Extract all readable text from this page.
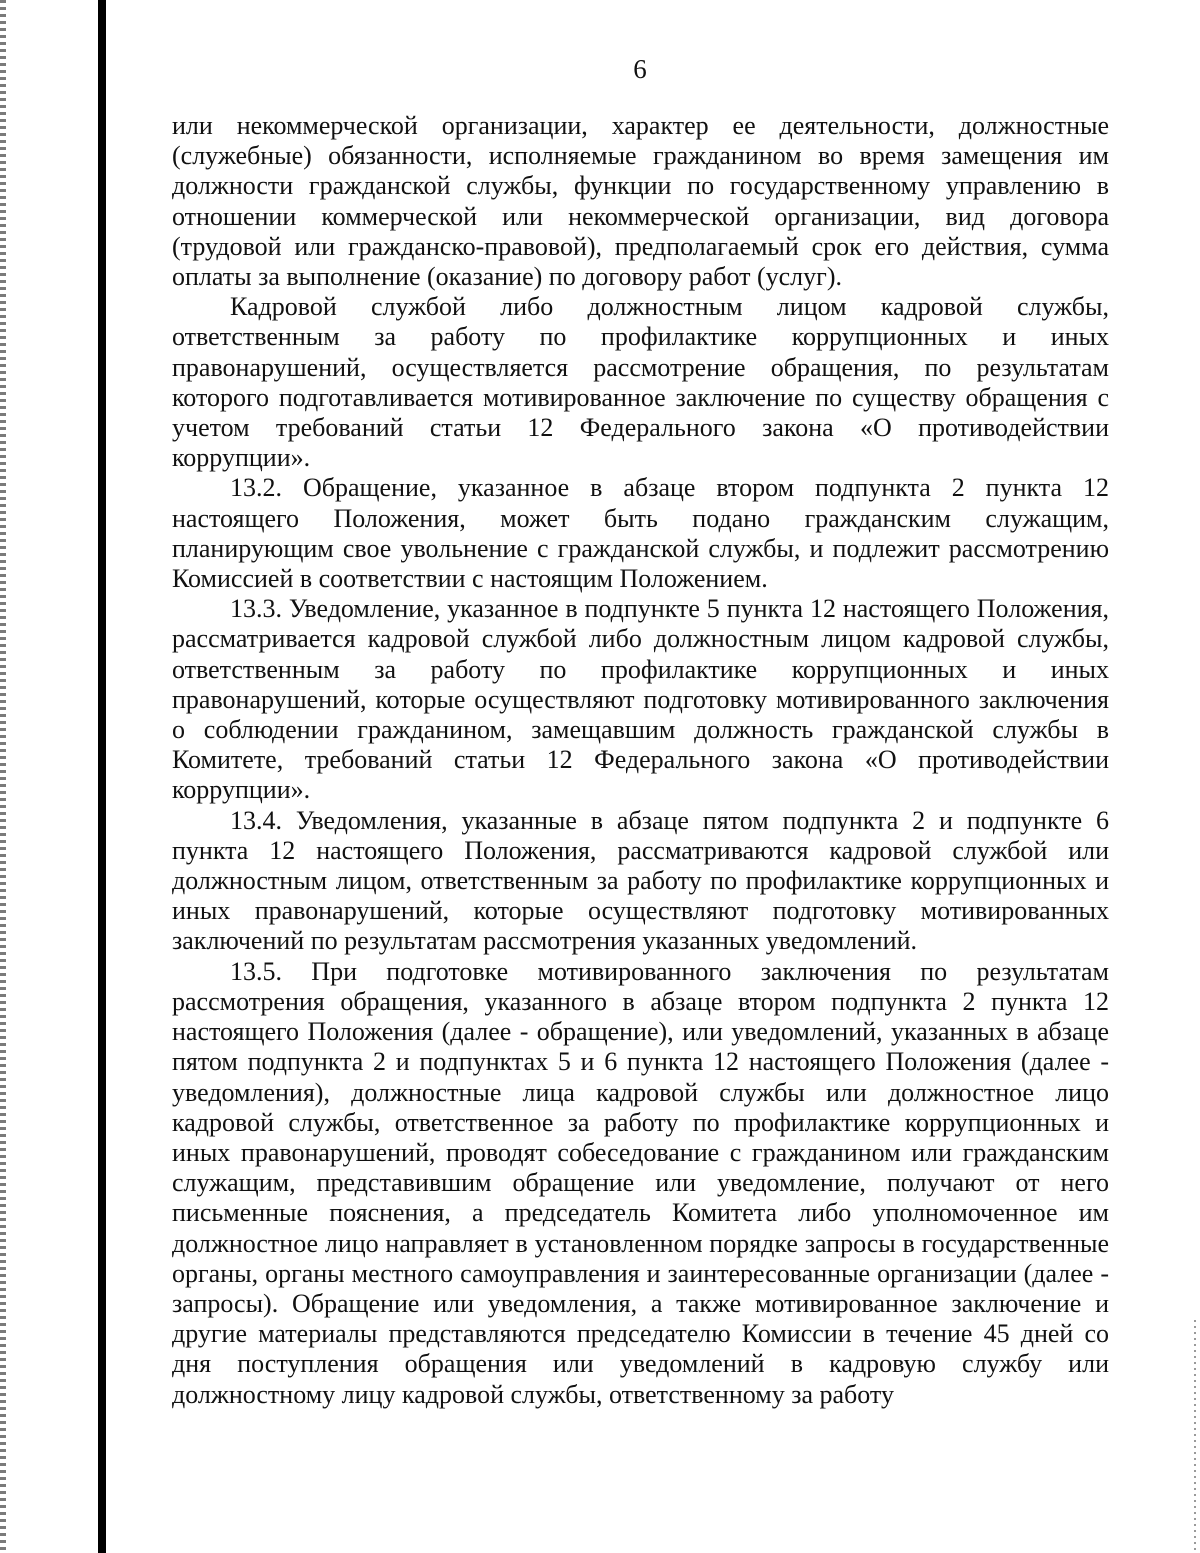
6

или некоммерческой организации, характер ее деятельности, должностные (служебные) обязанности, исполняемые гражданином во время замещения им должности гражданской службы, функции по государственному управлению в отношении коммерческой или некоммерческой организации, вид договора (трудовой или гражданско-правовой), предполагаемый срок его действия, сумма оплаты за выполнение (оказание) по договору работ (услуг).

Кадровой службой либо должностным лицом кадровой службы, ответственным за работу по профилактике коррупционных и иных правонарушений, осуществляется рассмотрение обращения, по результатам которого подготавливается мотивированное заключение по существу обращения с учетом требований статьи 12 Федерального закона «О противодействии коррупции».

13.2. Обращение, указанное в абзаце втором подпункта 2 пункта 12 настоящего Положения, может быть подано гражданским служащим, планирующим свое увольнение с гражданской службы, и подлежит рассмотрению Комиссией в соответствии с настоящим Положением.

13.3. Уведомление, указанное в подпункте 5 пункта 12 настоящего Положения, рассматривается кадровой службой либо должностным лицом кадровой службы, ответственным за работу по профилактике коррупционных и иных правонарушений, которые осуществляют подготовку мотивированного заключения о соблюдении гражданином, замещавшим должность гражданской службы в Комитете, требований статьи 12 Федерального закона «О противодействии коррупции».

13.4. Уведомления, указанные в абзаце пятом подпункта 2 и подпункте 6 пункта 12 настоящего Положения, рассматриваются кадровой службой или должностным лицом, ответственным за работу по профилактике коррупционных и иных правонарушений, которые осуществляют подготовку мотивированных заключений по результатам рассмотрения указанных уведомлений.

13.5. При подготовке мотивированного заключения по результатам рассмотрения обращения, указанного в абзаце втором подпункта 2 пункта 12 настоящего Положения (далее - обращение), или уведомлений, указанных в абзаце пятом подпункта 2 и подпунктах 5 и 6 пункта 12 настоящего Положения (далее - уведомления), должностные лица кадровой службы или должностное лицо кадровой службы, ответственное за работу по профилактике коррупционных и иных правонарушений, проводят собеседование с гражданином или гражданским служащим, представившим обращение или уведомление, получают от него письменные пояснения, а председатель Комитета либо уполномоченное им должностное лицо направляет в установленном порядке запросы в государственные органы, органы местного самоуправления и заинтересованные организации (далее - запросы). Обращение или уведомления, а также мотивированное заключение и другие материалы представляются председателю Комиссии в течение 45 дней со дня поступления обращения или уведомлений в кадровую службу или должностному лицу кадровой службы, ответственному за работу
